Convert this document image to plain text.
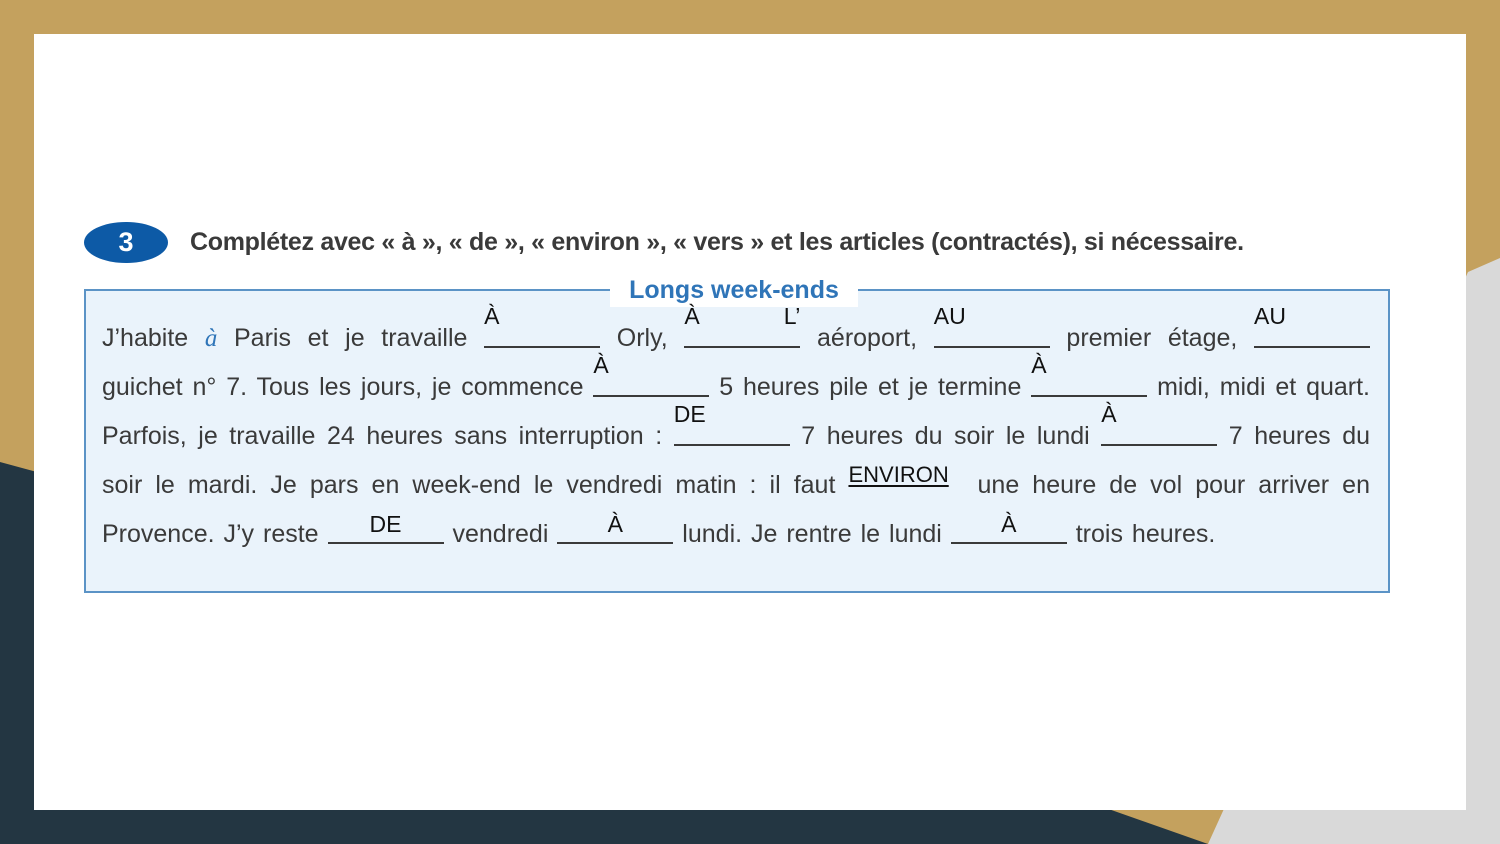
3 Complétez avec « à », « de », « environ », « vers » et les articles (contractés), si nécessaire.
Longs week-ends
J’habite à Paris et je travaille
À
Orly,
À L’
aéroport,
AU
premier étage,
AU
guichet n° 7. Tous les jours, je commence
À
5 heures pile et je termine
À
midi, midi et quart.
Parfois, je travaille 24 heures sans interruption :
DE
7 heures du soir le lundi
À
7 heures du
soir le mardi. Je pars en week-end le vendredi matin : il faut ENVIRON	une heure de vol pour arriver en
Provence. J’y reste	DE	vendredi	À	lundi. Je rentre le lundi	À	trois heures.
